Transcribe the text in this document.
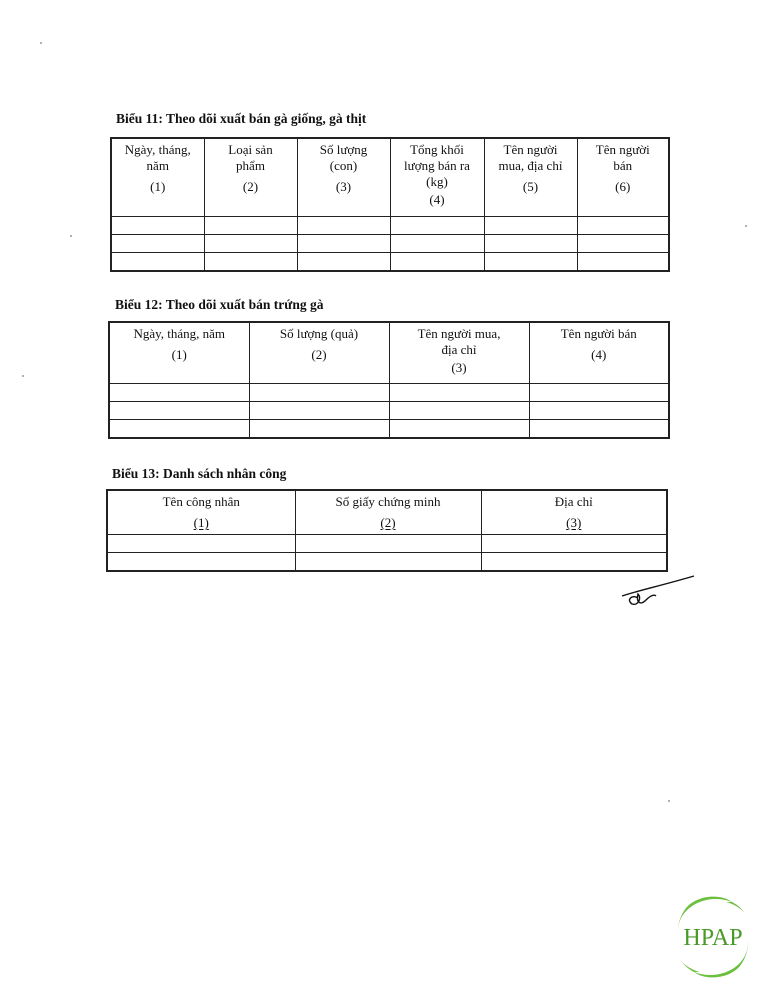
Biểu 11: Theo dõi xuất bán gà giống, gà thịt
Ngày, tháng,
năm
(1)	Loại sản
phẩm
(2)	Số lượng
(con)
(3)	Tổng khối
lượng bán ra
(kg)
(4)	Tên người
mua, địa chỉ
(5)	Tên người
bán
(6)

Biểu 12: Theo dõi xuất bán trứng gà
Ngày, tháng, năm
(1)	Số lượng (quả)
(2)	Tên người mua,
địa chỉ
(3)	Tên người bán
(4)

Biểu 13: Danh sách nhân công
Tên công nhân
(1)	Số giấy chứng minh
(2)	Địa chỉ
(3)

HPAP
